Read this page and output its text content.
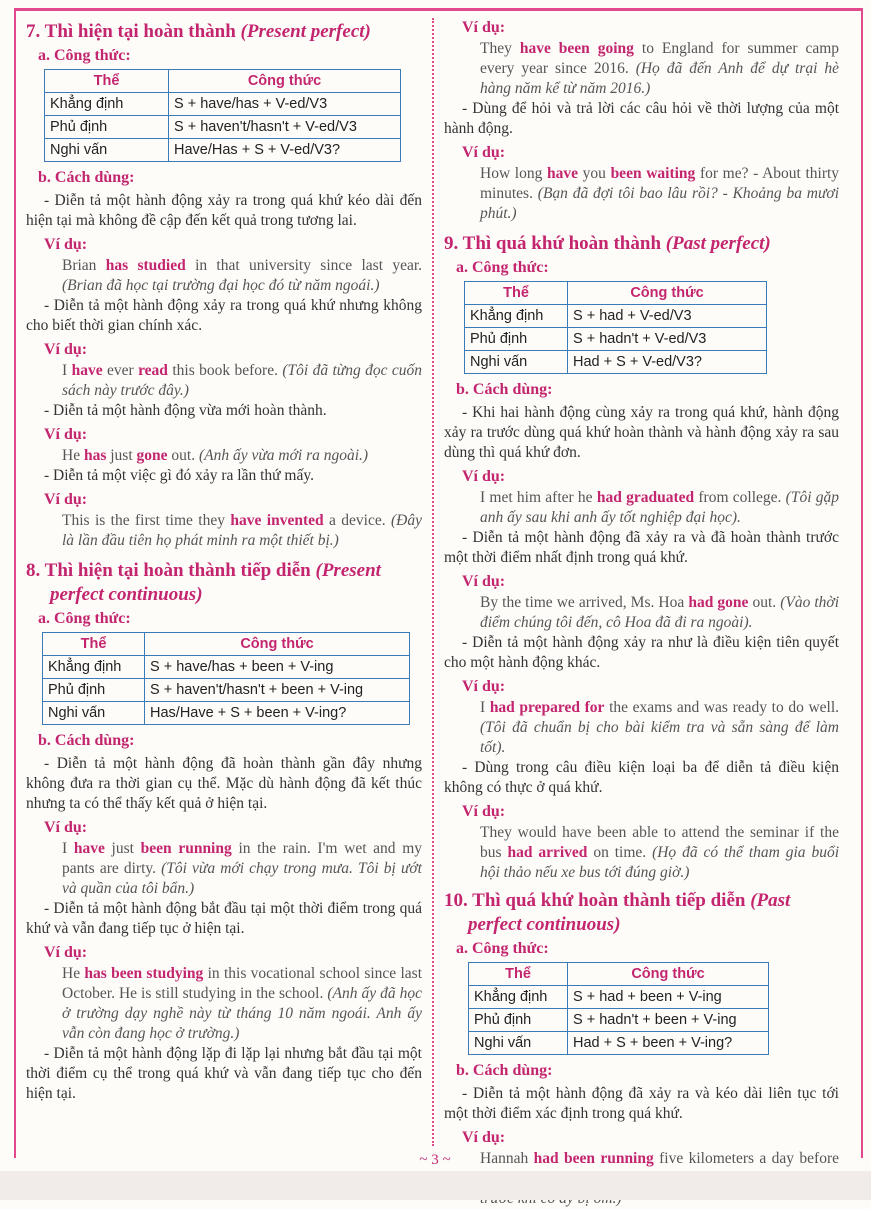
7. Thì hiện tại hoàn thành (Present perfect)
a. Công thức:
Thể	Công thức
Khẳng định	S + have/has + V-ed/V3
Phủ định	S + haven't/hasn't + V-ed/V3
Nghi vấn	Have/Has + S + V-ed/V3?
b. Cách dùng:

- Diễn tả một hành động xảy ra trong quá khứ kéo dài đến hiện tại mà không đề cập đến kết quả trong tương lai.

Ví dụ:

Brian has studied in that university since last year. (Brian đã học tại trường đại học đó từ năm ngoái.)

- Diễn tả một hành động xảy ra trong quá khứ nhưng không cho biết thời gian chính xác.

Ví dụ:

I have ever read this book before. (Tôi đã từng đọc cuốn sách này trước đây.)

- Diễn tả một hành động vừa mới hoàn thành.

Ví dụ:

He has just gone out. (Anh ấy vừa mới ra ngoài.)

- Diễn tả một việc gì đó xảy ra lần thứ mấy.

Ví dụ:

This is the first time they have invented a device. (Đây là lần đầu tiên họ phát minh ra một thiết bị.)

8. Thì hiện tại hoàn thành tiếp diễn (Present
perfect continuous)
a. Công thức:
Thể	Công thức
Khẳng định	S + have/has + been + V-ing
Phủ định	S + haven't/hasn't + been + V-ing
Nghi vấn	Has/Have + S + been + V-ing?
b. Cách dùng:

- Diễn tả một hành động đã hoàn thành gần đây nhưng không đưa ra thời gian cụ thể. Mặc dù hành động đã kết thúc nhưng ta có thể thấy kết quả ở hiện tại.

Ví dụ:

I have just been running in the rain. I'm wet and my pants are dirty. (Tôi vừa mới chạy trong mưa. Tôi bị ướt và quần của tôi bẩn.)

- Diễn tả một hành động bắt đầu tại một thời điểm trong quá khứ và vẫn đang tiếp tục ở hiện tại.

Ví dụ:

He has been studying in this vocational school since last October. He is still studying in the school. (Anh ấy đã học ở trường dạy nghề này từ tháng 10 năm ngoái. Anh ấy vẫn còn đang học ở trường.)

- Diễn tả một hành động lặp đi lặp lại nhưng bắt đầu tại một thời điểm cụ thể trong quá khứ và vẫn đang tiếp tục cho đến hiện tại.

Ví dụ:

They have been going to England for summer camp every year since 2016. (Họ đã đến Anh để dự trại hè hàng năm kể từ năm 2016.)

- Dùng để hỏi và trả lời các câu hỏi về thời lượng của một hành động.

Ví dụ:

How long have you been waiting for me? - About thirty minutes. (Bạn đã đợi tôi bao lâu rồi? - Khoảng ba mươi phút.)

9. Thì quá khứ hoàn thành (Past perfect)
a. Công thức:
Thể	Công thức
Khẳng định	S + had + V-ed/V3
Phủ định	S + hadn't + V-ed/V3
Nghi vấn	Had + S + V-ed/V3?
b. Cách dùng:

- Khi hai hành động cùng xảy ra trong quá khứ, hành động xảy ra trước dùng quá khứ hoàn thành và hành động xảy ra sau dùng thì quá khứ đơn.

Ví dụ:

I met him after he had graduated from college. (Tôi gặp anh ấy sau khi anh ấy tốt nghiệp đại học).

- Diễn tả một hành động đã xảy ra và đã hoàn thành trước một thời điểm nhất định trong quá khứ.

Ví dụ:

By the time we arrived, Ms. Hoa had gone out. (Vào thời điểm chúng tôi đến, cô Hoa đã đi ra ngoài).

- Diễn tả một hành động xảy ra như là điều kiện tiên quyết cho một hành động khác.

Ví dụ:

I had prepared for the exams and was ready to do well. (Tôi đã chuẩn bị cho bài kiểm tra và sẵn sàng để làm tốt).

- Dùng trong câu điều kiện loại ba để diễn tả điều kiện không có thực ở quá khứ.

Ví dụ:

They would have been able to attend the seminar if the bus had arrived on time. (Họ đã có thể tham gia buổi hội thảo nếu xe bus tới đúng giờ.)

10. Thì quá khứ hoàn thành tiếp diễn (Past
perfect continuous)
a. Công thức:
Thể	Công thức
Khẳng định	S + had + been + V-ing
Phủ định	S + hadn't + been + V-ing
Nghi vấn	Had + S + been + V-ing?
b. Cách dùng:

- Diễn tả một hành động đã xảy ra và kéo dài liên tục tới một thời điểm xác định trong quá khứ.

Ví dụ:

Hannah had been running five kilometers a day before

~ 3 ~
